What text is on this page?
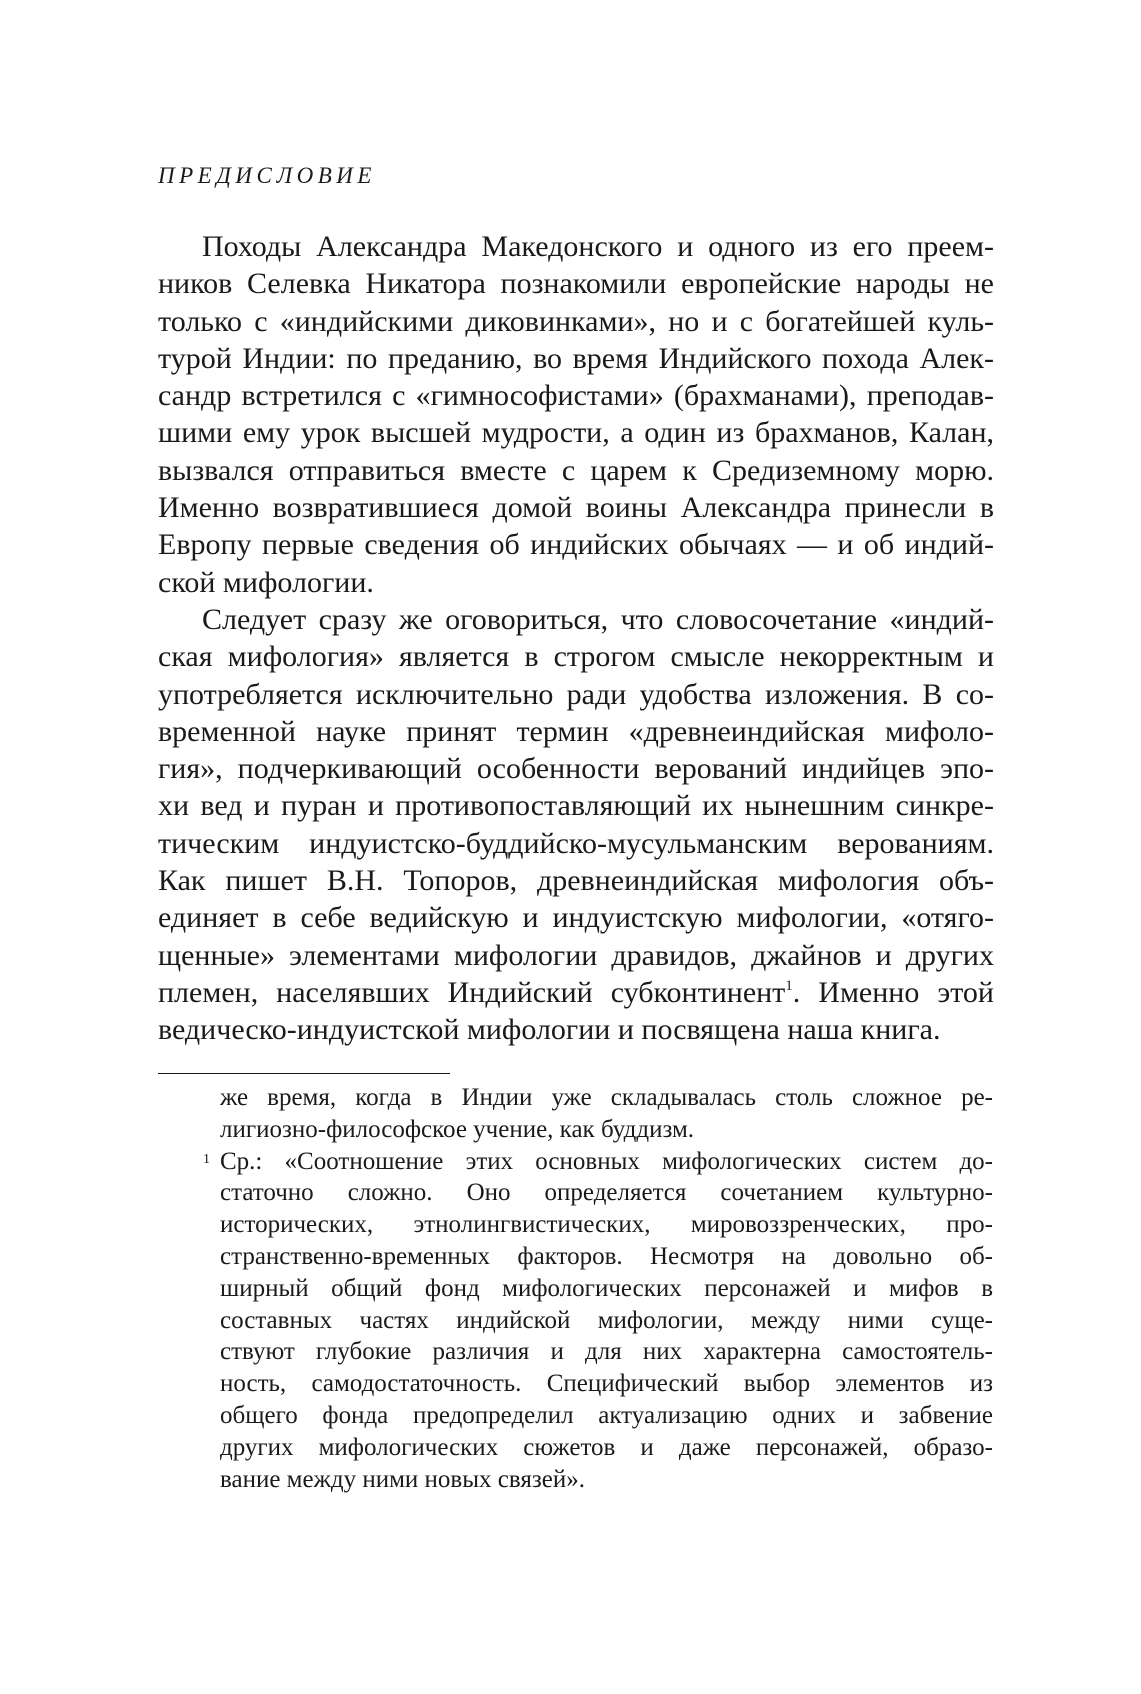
ПРЕДИСЛОВИЕ
Походы Александра Македонского и одного из его преем-
ников Селевка Никатора познакомили европейские народы не
только с «индийскими диковинками», но и с богатейшей куль-
турой Индии: по преданию, во время Индийского похода Алек-
сандр встретился с «гимнософистами» (брахманами), преподав-
шими ему урок высшей мудрости, а один из брахманов, Калан,
вызвался отправиться вместе с царем к Средиземному морю.
Именно возвратившиеся домой воины Александра принесли в
Европу первые сведения об индийских обычаях — и об индий-
ской мифологии.
Следует сразу же оговориться, что словосочетание «индий-
ская мифология» является в строгом смысле некорректным и
употребляется исключительно ради удобства изложения. В со-
временной науке принят термин «древнеиндийская мифоло-
гия», подчеркивающий особенности верований индийцев эпо-
хи вед и пуран и противопоставляющий их нынешним синкре-
тическим индуистско-буддийско-мусульманским верованиям.
Как пишет В.Н. Топоров, древнеиндийская мифология объ-
единяет в себе ведийскую и индуистскую мифологии, «отяго-
щенные» элементами мифологии дравидов, джайнов и других
племен, населявших Индийский субконтинент$^1$. Именно этой
ведическо-индуистской мифологии и посвящена наша книга.
же время, когда в Индии уже складывалась столь сложное ре-
лигиозно-философское учение, как буддизм.
1 Ср.: «Соотношение этих основных мифологических систем до-
статочно сложно. Оно определяется сочетанием культурно-
исторических, этнолингвистических, мировоззренческих, про-
странственно-временных факторов. Несмотря на довольно об-
ширный общий фонд мифологических персонажей и мифов в
составных частях индийской мифологии, между ними суще-
ствуют глубокие различия и для них характерна самостоятель-
ность, самодостаточность. Специфический выбор элементов из
общего фонда предопределил актуализацию одних и забвение
других мифологических сюжетов и даже персонажей, образо-
вание между ними новых связей».
